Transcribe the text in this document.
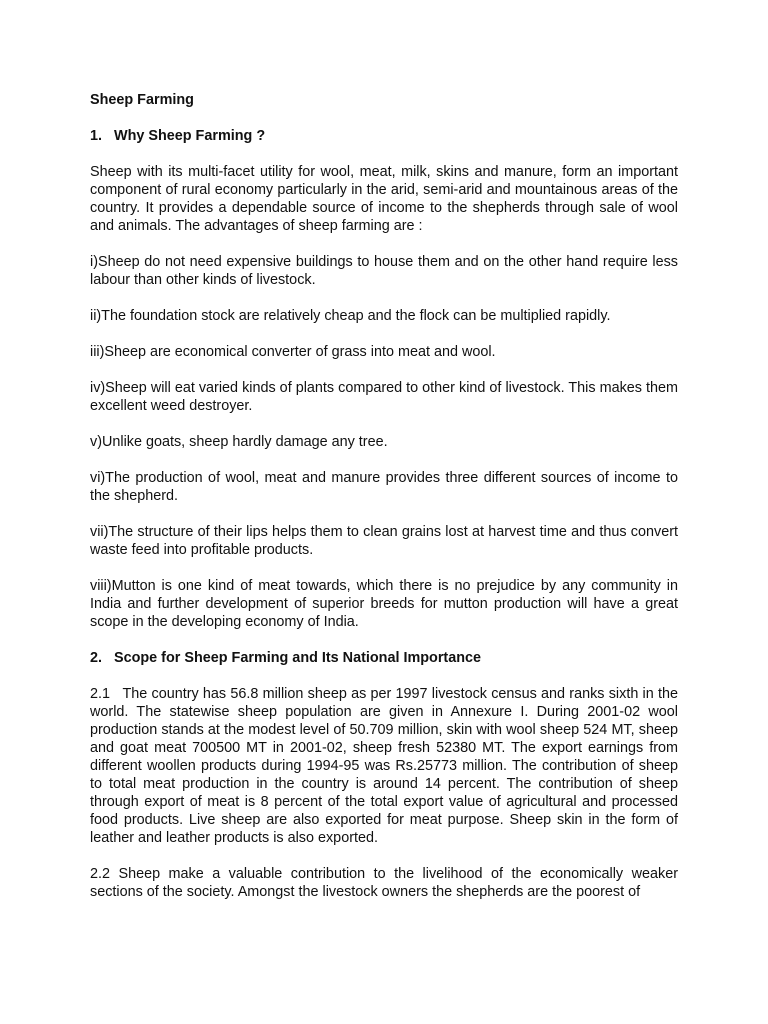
Sheep Farming
1.   Why Sheep Farming ?

Sheep with its multi-facet utility for wool, meat, milk, skins and manure, form an important component of rural economy particularly in the arid, semi-arid and mountainous areas of the country. It provides a dependable source of income to the shepherds through sale of wool and animals. The advantages of sheep farming are :

i)Sheep do not need expensive buildings to house them and on the other hand require less labour than other kinds of livestock.

ii)The foundation stock are relatively cheap and the flock can be multiplied rapidly.

iii)Sheep are economical converter of grass into meat and wool.

iv)Sheep will eat varied kinds of plants compared to other kind of livestock. This makes them excellent weed destroyer.

v)Unlike goats, sheep hardly damage any tree.

vi)The production of wool, meat and manure provides three different sources of income to the shepherd.

vii)The structure of their lips helps them to clean grains lost at harvest time and thus convert waste feed into profitable products.

viii)Mutton is one kind of meat towards, which there is no prejudice by any community in India and further development of superior breeds for mutton production will have a great scope in the developing economy of India.

2.   Scope for Sheep Farming and Its National Importance

2.1   The country has 56.8 million sheep as per 1997 livestock census and ranks sixth in the world. The statewise sheep population are given in Annexure I. During 2001-02 wool production stands at the modest level of 50.709 million, skin with wool sheep 524 MT, sheep and goat meat 700500 MT in 2001-02, sheep fresh 52380 MT. The export earnings from different woollen products during 1994-95 was Rs.25773 million. The contribution of sheep to total meat production in the country is around 14 percent. The contribution of sheep through export of meat is 8 percent of the total export value of agricultural and processed food products. Live sheep are also exported for meat purpose. Sheep skin in the form of leather and leather products is also exported.

2.2 Sheep make a valuable contribution to the livelihood of the economically weaker sections of the society. Amongst the livestock owners the shepherds are the poorest of
